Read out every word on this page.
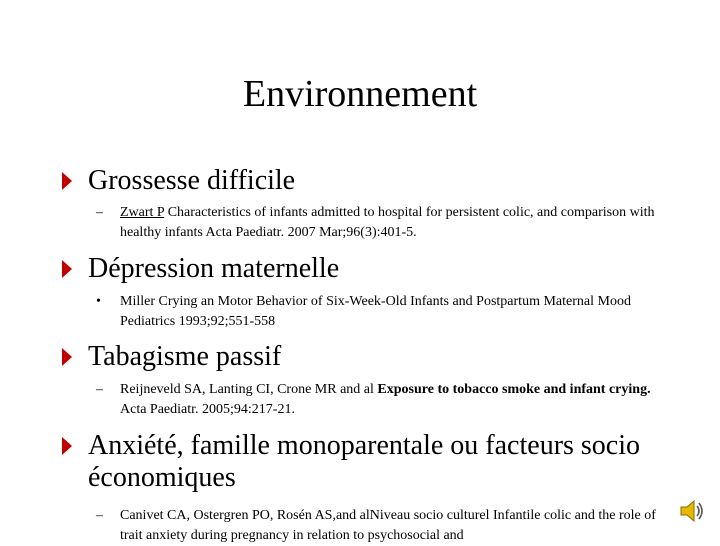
Environnement
Grossesse difficile
–	Zwart P Characteristics of infants admitted to hospital for persistent colic, and comparison with healthy infants Acta Paediatr. 2007 Mar;96(3):401-5.
Dépression maternelle
•	Miller Crying an Motor Behavior of Six-Week-Old Infants and Postpartum Maternal Mood Pediatrics 1993;92;551-558
Tabagisme passif
–	Reijneveld SA, Lanting CI, Crone MR and al Exposure to tobacco smoke and infant crying. Acta Paediatr. 2005;94:217-21.
Anxiété, famille monoparentale ou facteurs socio économiques
–	Canivet CA, Ostergren PO, Rosén AS,and alNiveau socio culturel Infantile colic and the role of trait anxiety during pregnancy in relation to psychosocial and
